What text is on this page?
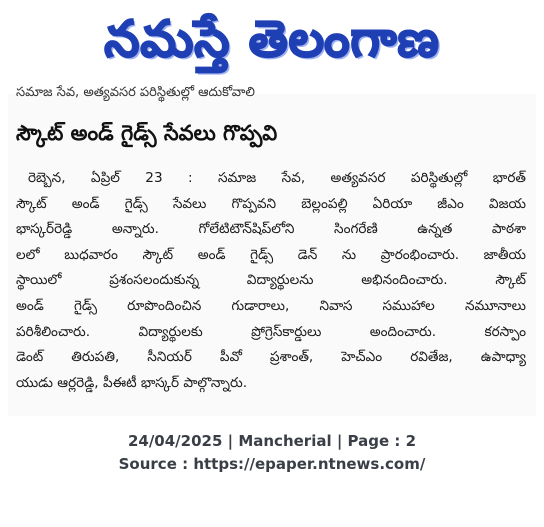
నమస్తే తెలంగాణ
సమాజ సేవ, అత్యవసర పరిస్థితుల్లో ఆదుకోవాలి
స్కౌట్ అండ్ గైడ్స్ సేవలు గొప్పవి
రెబ్బెన, ఏప్రిల్ 23 : సమాజ సేవ, అత్యవసర పరిస్థితుల్లో భారత్
స్కౌట్ అండ్ గైడ్స్ సేవలు గొప్పవని బెల్లంపల్లి ఏరియా జీఎం విజయ
భాస్కర్‌రెడ్డి అన్నారు. గోలేటిటౌన్‌షిప్‌లోని సింగరేణి ఉన్నత పాఠశా
లలో బుధవారం స్కౌట్ అండ్ గైడ్స్ డెన్ ను ప్రారంభించారు. జాతీయ
స్థాయిలో ప్రశంసలందుకున్న విద్యార్థులను అభినందించారు. స్కౌట్
అండ్ గైడ్స్ రూపొందించిన గుడారాలు, నివాస సముహాల నమూనాలు
పరిశీలించారు. విద్యార్థులకు ప్రోగ్రెస్‌కార్డులు అందించారు. కరస్పాం
డెంట్ తిరుపతి, సీనియర్ పీవో ప్రశాంత్, హెచ్ఎం రవితేజ, ఉపాధ్యా
యుడు ఆర్లరెడ్డి, పీఈటీ భాస్కర్ పాల్గొన్నారు.
24/04/2025 | Mancherial | Page : 2
Source : https://epaper.ntnews.com/
